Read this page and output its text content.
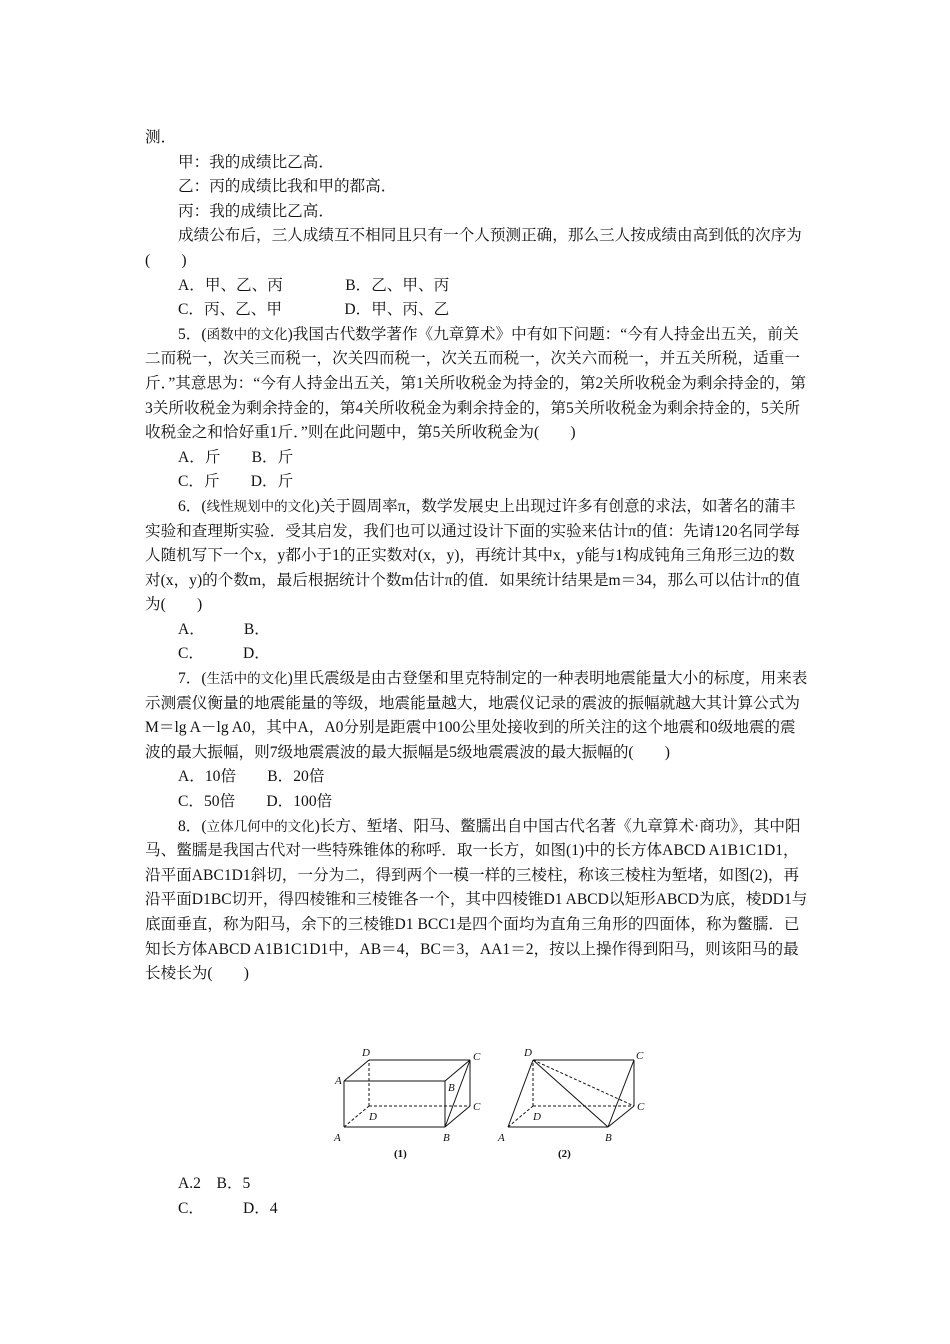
测．

甲：我的成绩比乙高．

乙：丙的成绩比我和甲的都高．

丙：我的成绩比乙高．

成绩公布后，三人成绩互不相同且只有一个人预测正确，那么三人按成绩由高到低的次序为(　　)

A．甲、乙、丙　　　　B．乙、甲、丙

C．丙、乙、甲　　　　D．甲、丙、乙

5．(函数中的文化)我国古代数学著作《九章算术》中有如下问题：“今有人持金出五关，前关二而税一，次关三而税一，次关四而税一，次关五而税一，次关六而税一，并五关所税，适重一斤．”其意思为：“今有人持金出五关，第1关所收税金为持金的，第2关所收税金为剩余持金的，第3关所收税金为剩余持金的，第4关所收税金为剩余持金的，第5关所收税金为剩余持金的，5关所收税金之和恰好重1斤．”则在此问题中，第5关所收税金为(　　)

A．斤　　B．斤

C．斤　　D．斤

6．(线性规划中的文化)关于圆周率π，数学发展史上出现过许多有创意的求法，如著名的蒲丰实验和查理斯实验．受其启发，我们也可以通过设计下面的实验来估计π的值：先请120名同学每人随机写下一个x，y都小于1的正实数对(x，y)，再统计其中x，y能与1构成钝角三角形三边的数对(x，y)的个数m，最后根据统计个数m估计π的值．如果统计结果是m＝34，那么可以估计π的值为(　　)

A．　　　B．

C．　　　D．

7．(生活中的文化)里氏震级是由古登堡和里克特制定的一种表明地震能量大小的标度，用来表示测震仪衡量的地震能量的等级，地震能量越大，地震仪记录的震波的振幅就越大其计算公式为M＝lg A－lg A0，其中A，A0分别是距震中100公里处接收到的所关注的这个地震和0级地震的震波的最大振幅，则7级地震震波的最大振幅是5级地震震波的最大振幅的(　　)

A．10倍　　B．20倍

C．50倍　　D．100倍

8．(立体几何中的文化)长方、堑堵、阳马、鳖臑出自中国古代名著《九章算术·商功》，其中阳马、鳖臑是我国古代对一些特殊锥体的称呼．取一长方，如图(1)中的长方体ABCD A1B1C1D1，沿平面ABC1D1斜切，一分为二，得到两个一模一样的三棱柱，称该三棱柱为堑堵，如图(2)，再沿平面D1BC切开，得四棱锥和三棱锥各一个，其中四棱锥D1 ABCD以矩形ABCD为底，棱DD1与底面垂直，称为阳马，余下的三棱锥D1 BCC1是四个面均为直角三角形的四面体，称为鳖臑．已知长方体ABCD A1B1C1D1中，AB＝4，BC＝3，AA1＝2，按以上操作得到阳马，则该阳马的最长棱长为(　　)

A	B
C
D
A
B
C
D
(1)
A	B
C
D
C
D
(2)

A.2　B．5

C．　　　D．4
